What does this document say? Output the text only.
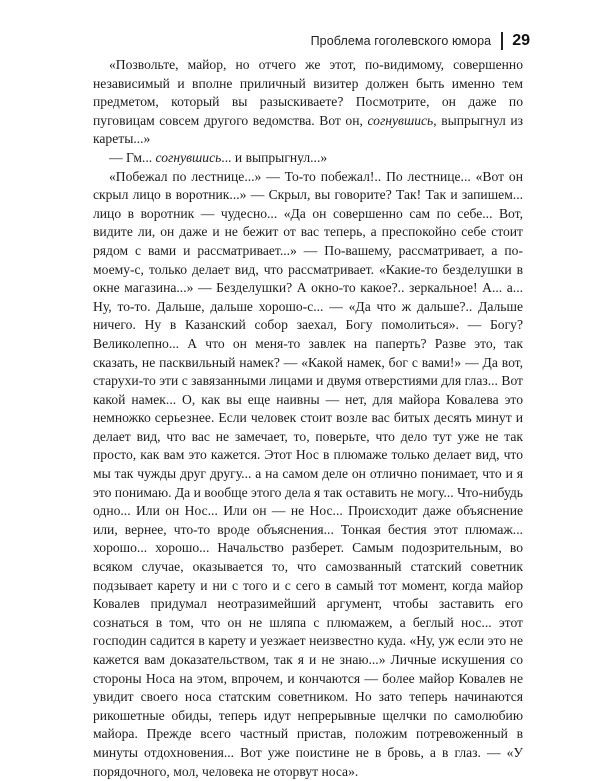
Проблема гоголевского юмора 29

«Позвольте, майор, но отчего же этот, по-видимому, совершенно независимый и вполне приличный визитер должен быть именно тем предметом, который вы разыскиваете? Посмотрите, он даже по пуговицам совсем другого ведомства. Вот он, согнувшись, выпрыгнул из кареты...»

— Гм... согнувшись... и выпрыгнул...»

«Побежал по лестнице...» — То-то побежал!.. По лестнице... «Вот он скрыл лицо в воротник...» — Скрыл, вы говорите? Так! Так и запишем... лицо в воротник — чудесно... «Да он совершенно сам по себе... Вот, видите ли, он даже и не бежит от вас теперь, а преспокойно себе стоит рядом с вами и рассматривает...» — По-вашему, рассматривает, а по-моему-с, только делает вид, что рассматривает. «Какие-то безделушки в окне магазина...» — Безделушки? А окно-то какое?.. зеркальное! А... а... Ну, то-то. Дальше, дальше хорошо-с... — «Да что ж дальше?.. Дальше ничего. Ну в Казанский собор заехал, Богу помолиться». — Богу? Великолепно... А что он меня-то завлек на паперть? Разве это, так сказать, не пасквильный намек? — «Какой намек, бог с вами!» — Да вот, старухи-то эти с завязанными лицами и двумя отверстиями для глаз... Вот какой намек... О, как вы еще наивны — нет, для майора Ковалева это немножко серьезнее. Если человек стоит возле вас битых десять минут и делает вид, что вас не замечает, то, поверьте, что дело тут уже не так просто, как вам это кажется. Этот Нос в плюмаже только делает вид, что мы так чужды друг другу... а на самом деле он отлично понимает, что и я это понимаю. Да и вообще этого дела я так оставить не могу... Что-нибудь одно... Или он Нос... Или он — не Нос... Происходит даже объяснение или, вернее, что-то вроде объяснения... Тонкая бестия этот плюмаж... хорошо... хорошо... Начальство разберет. Самым подозрительным, во всяком случае, оказывается то, что самозванный статский советник подзывает карету и ни с того и с сего в самый тот момент, когда майор Ковалев придумал неотразимейший аргумент, чтобы заставить его сознаться в том, что он не шляпа с плюмажем, а беглый нос... этот господин садится в карету и уезжает неизвестно куда. «Ну, уж если это не кажется вам доказательством, так я и не знаю...» Личные искушения со стороны Носа на этом, впрочем, и кончаются — более майор Ковалев не увидит своего носа статским советником. Но зато теперь начинаются рикошетные обиды, теперь идут непрерывные щелчки по самолюбию майора. Прежде всего частный пристав, положим потревоженный в минуты отдохновения... Вот уже поистине не в бровь, а в глаз. — «У порядочного, мол, человека не оторвут носа».
